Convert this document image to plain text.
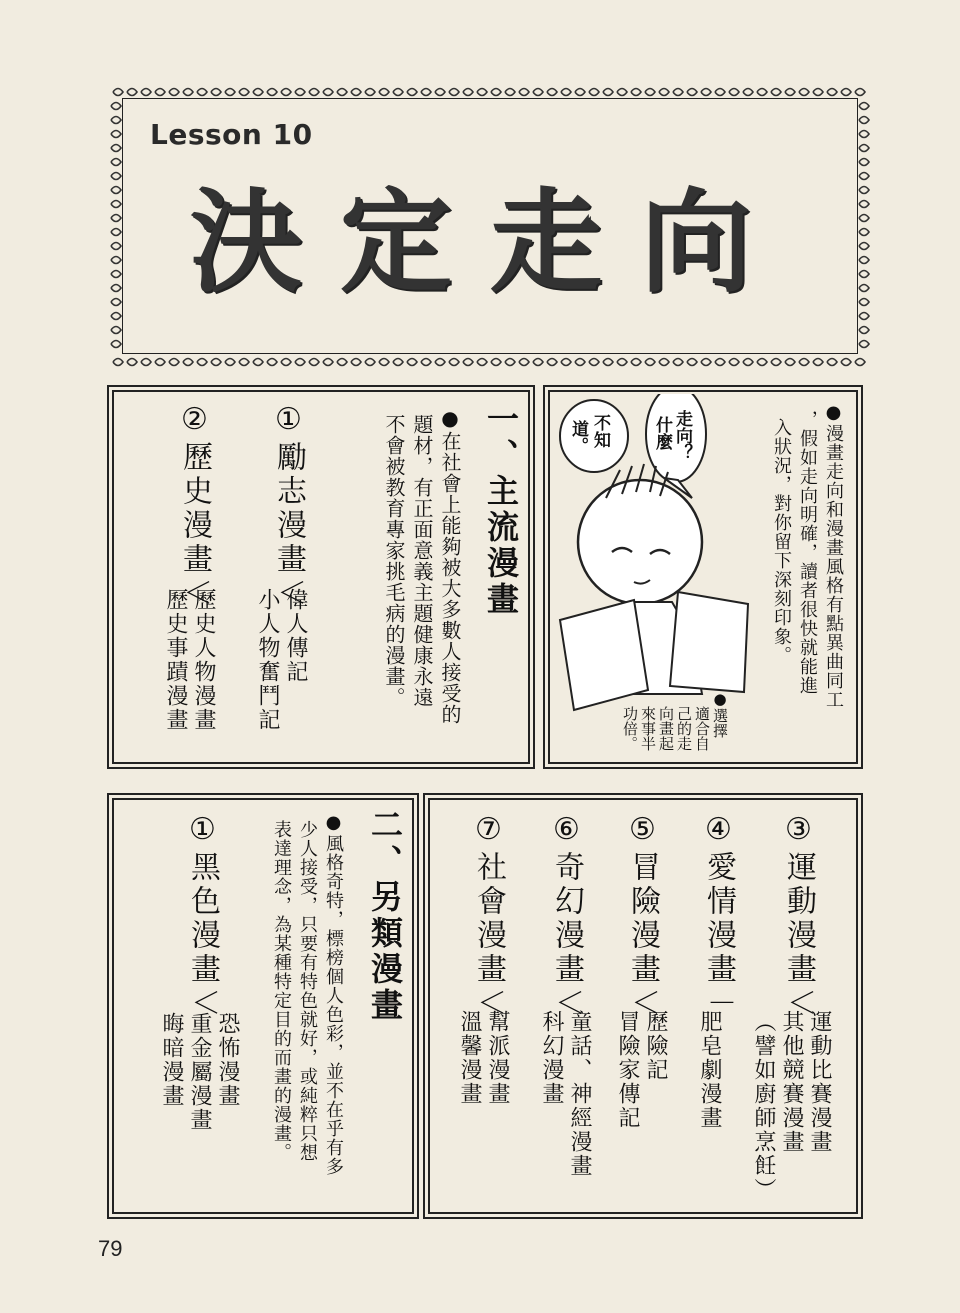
Lesson 10
決定走向
一、主流漫畫
●在社會上能夠被大多數人接受的
題材，有正面意義主題健康永遠
不會被教育專家挑毛病的漫畫。
①勵志漫畫＜
偉人傳記
小人物奮鬥記
②歷史漫畫＜
歷史人物漫畫
歷史事蹟漫畫	●漫畫走向和漫畫風格有點異曲同工
，假如走向明確，讀者很快就能進
入狀況，對你留下深刻印象。
什麼 走向？
不知
道。
●選擇
適合自
己的走
向畫起
來事半
功倍。
③運動漫畫＜
運動比賽漫畫
其他競賽漫畫
（譬如廚師烹飪）
④愛情漫畫－
肥皂劇漫畫
⑤冒險漫畫＜
歷險記
冒險家傳記
⑥奇幻漫畫＜
童話、神經漫畫
科幻漫畫
⑦社會漫畫＜
幫派漫畫
溫馨漫畫
二、另類漫畫
●風格奇特，標榜個人色彩，並不在乎有多
少人接受，只要有特色就好，或純粹只想
表達理念，為某種特定目的而畫的漫畫。
①黑色漫畫＜
恐怖漫畫
重金屬漫畫
晦暗漫畫
79
